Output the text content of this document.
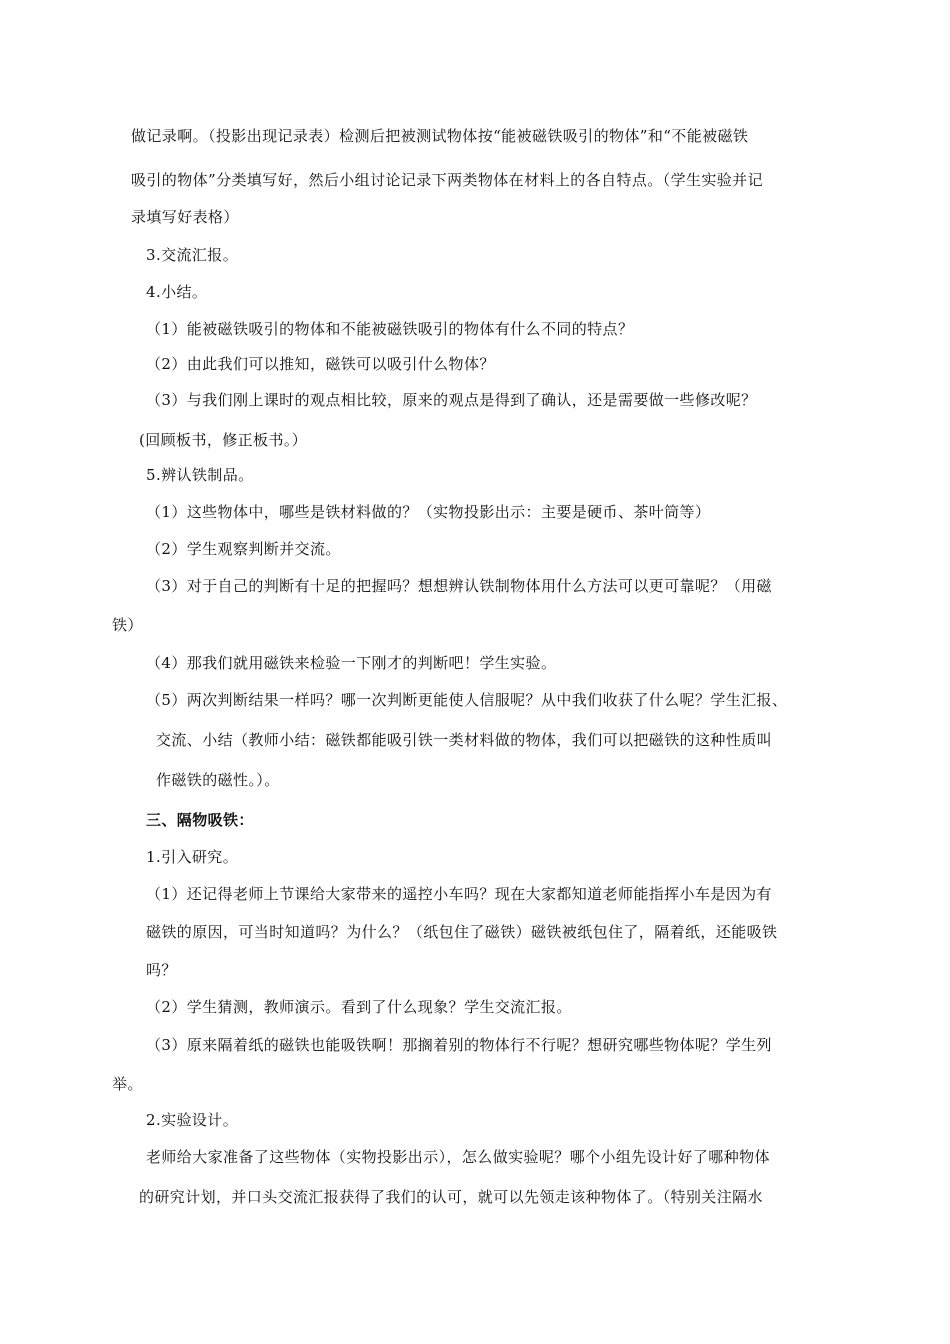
做记录啊。（投影出现记录表）检测后把被测试物体按“能被磁铁吸引的物体”和“不能被磁铁
吸引的物体”分类填写好，然后小组讨论记录下两类物体在材料上的各自特点。（学生实验并记
录填写好表格）
3.交流汇报。
4.小结。
（1）能被磁铁吸引的物体和不能被磁铁吸引的物体有什么不同的特点？
（2）由此我们可以推知，磁铁可以吸引什么物体？
（3）与我们刚上课时的观点相比较，原来的观点是得到了确认，还是需要做一些修改呢？
(回顾板书，修正板书。）
5.辨认铁制品。
（1）这些物体中，哪些是铁材料做的？（实物投影出示：主要是硬币、茶叶筒等）
（2）学生观察判断并交流。
（3）对于自己的判断有十足的把握吗？想想辨认铁制物体用什么方法可以更可靠呢？（用磁
铁）
（4）那我们就用磁铁来检验一下刚才的判断吧！学生实验。
（5）两次判断结果一样吗？哪一次判断更能使人信服呢？从中我们收获了什么呢？学生汇报、
交流、小结（教师小结：磁铁都能吸引铁一类材料做的物体，我们可以把磁铁的这种性质叫
作磁铁的磁性。）。
三、隔物吸铁：
1.引入研究。
（1）还记得老师上节课给大家带来的遥控小车吗？现在大家都知道老师能指挥小车是因为有
磁铁的原因，可当时知道吗？为什么？（纸包住了磁铁）磁铁被纸包住了，隔着纸，还能吸铁
吗？
（2）学生猜测，教师演示。看到了什么现象？学生交流汇报。
（3）原来隔着纸的磁铁也能吸铁啊！那搁着别的物体行不行呢？想研究哪些物体呢？学生列
举。
2.实验设计。
老师给大家准备了这些物体（实物投影出示），怎么做实验呢？哪个小组先设计好了哪种物体
的研究计划，并口头交流汇报获得了我们的认可，就可以先领走该种物体了。（特别关注隔水
